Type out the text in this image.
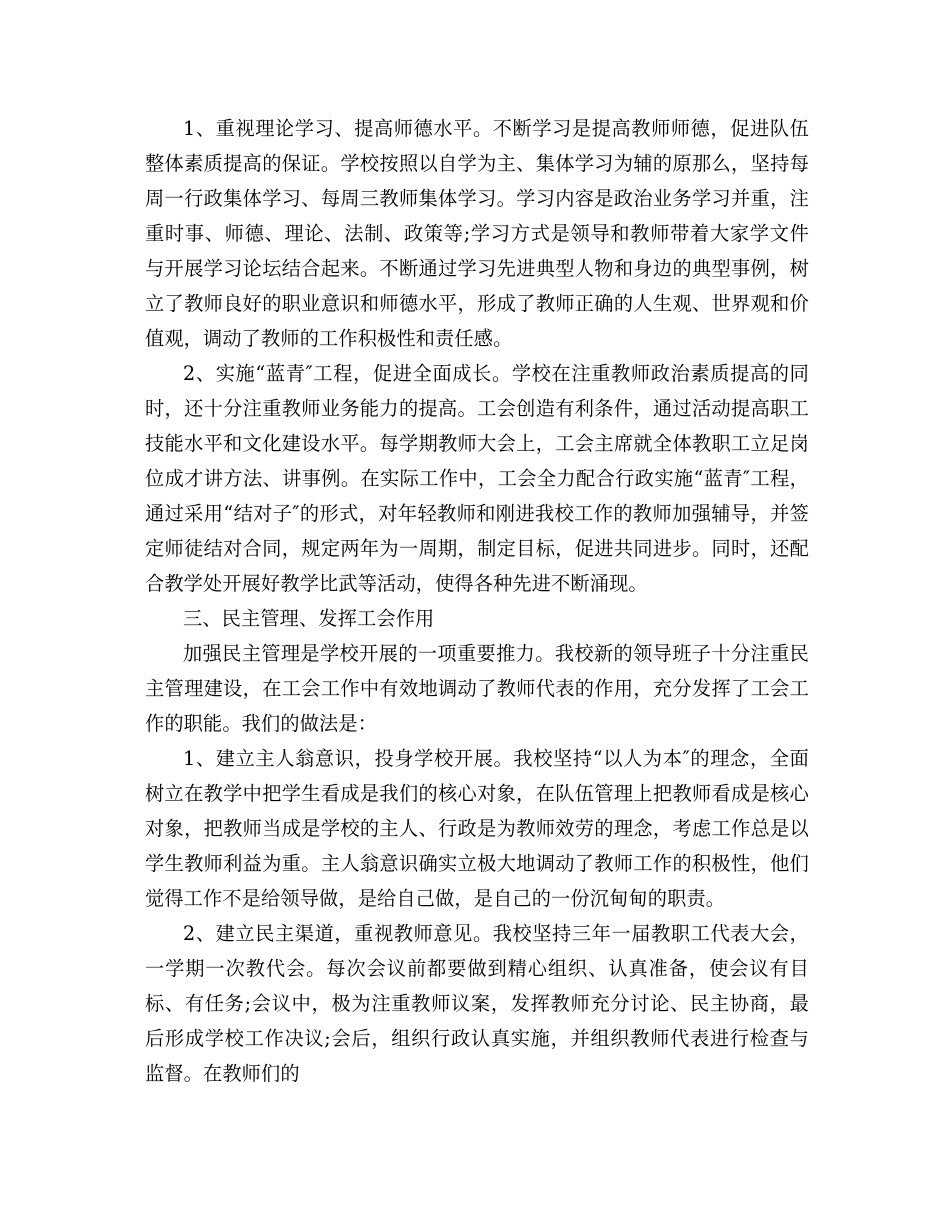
1、重视理论学习、提高师德水平。不断学习是提高教师师德，促进队伍整体素质提高的保证。学校按照以自学为主、集体学习为辅的原那么，坚持每周一行政集体学习、每周三教师集体学习。学习内容是政治业务学习并重，注重时事、师德、理论、法制、政策等;学习方式是领导和教师带着大家学文件与开展学习论坛结合起来。不断通过学习先进典型人物和身边的典型事例，树立了教师良好的职业意识和师德水平，形成了教师正确的人生观、世界观和价值观，调动了教师的工作积极性和责任感。

2、实施“蓝青″工程，促进全面成长。学校在注重教师政治素质提高的同时，还十分注重教师业务能力的提高。工会创造有利条件，通过活动提高职工技能水平和文化建设水平。每学期教师大会上，工会主席就全体教职工立足岗位成才讲方法、讲事例。在实际工作中，工会全力配合行政实施“蓝青″工程，通过采用“结对子″的形式，对年轻教师和刚进我校工作的教师加强辅导，并签定师徒结对合同，规定两年为一周期，制定目标，促进共同进步。同时，还配合教学处开展好教学比武等活动，使得各种先进不断涌现。

三、民主管理、发挥工会作用

加强民主管理是学校开展的一项重要推力。我校新的领导班子十分注重民主管理建设，在工会工作中有效地调动了教师代表的作用，充分发挥了工会工作的职能。我们的做法是：

1、建立主人翁意识，投身学校开展。我校坚持“以人为本″的理念，全面树立在教学中把学生看成是我们的核心对象，在队伍管理上把教师看成是核心对象，把教师当成是学校的主人、行政是为教师效劳的理念，考虑工作总是以学生教师利益为重。主人翁意识确实立极大地调动了教师工作的积极性，他们觉得工作不是给领导做，是给自己做，是自己的一份沉甸甸的职责。

2、建立民主渠道，重视教师意见。我校坚持三年一届教职工代表大会，一学期一次教代会。每次会议前都要做到精心组织、认真准备，使会议有目标、有任务;会议中，极为注重教师议案，发挥教师充分讨论、民主协商，最后形成学校工作决议;会后，组织行政认真实施，并组织教师代表进行检查与监督。在教师们的
